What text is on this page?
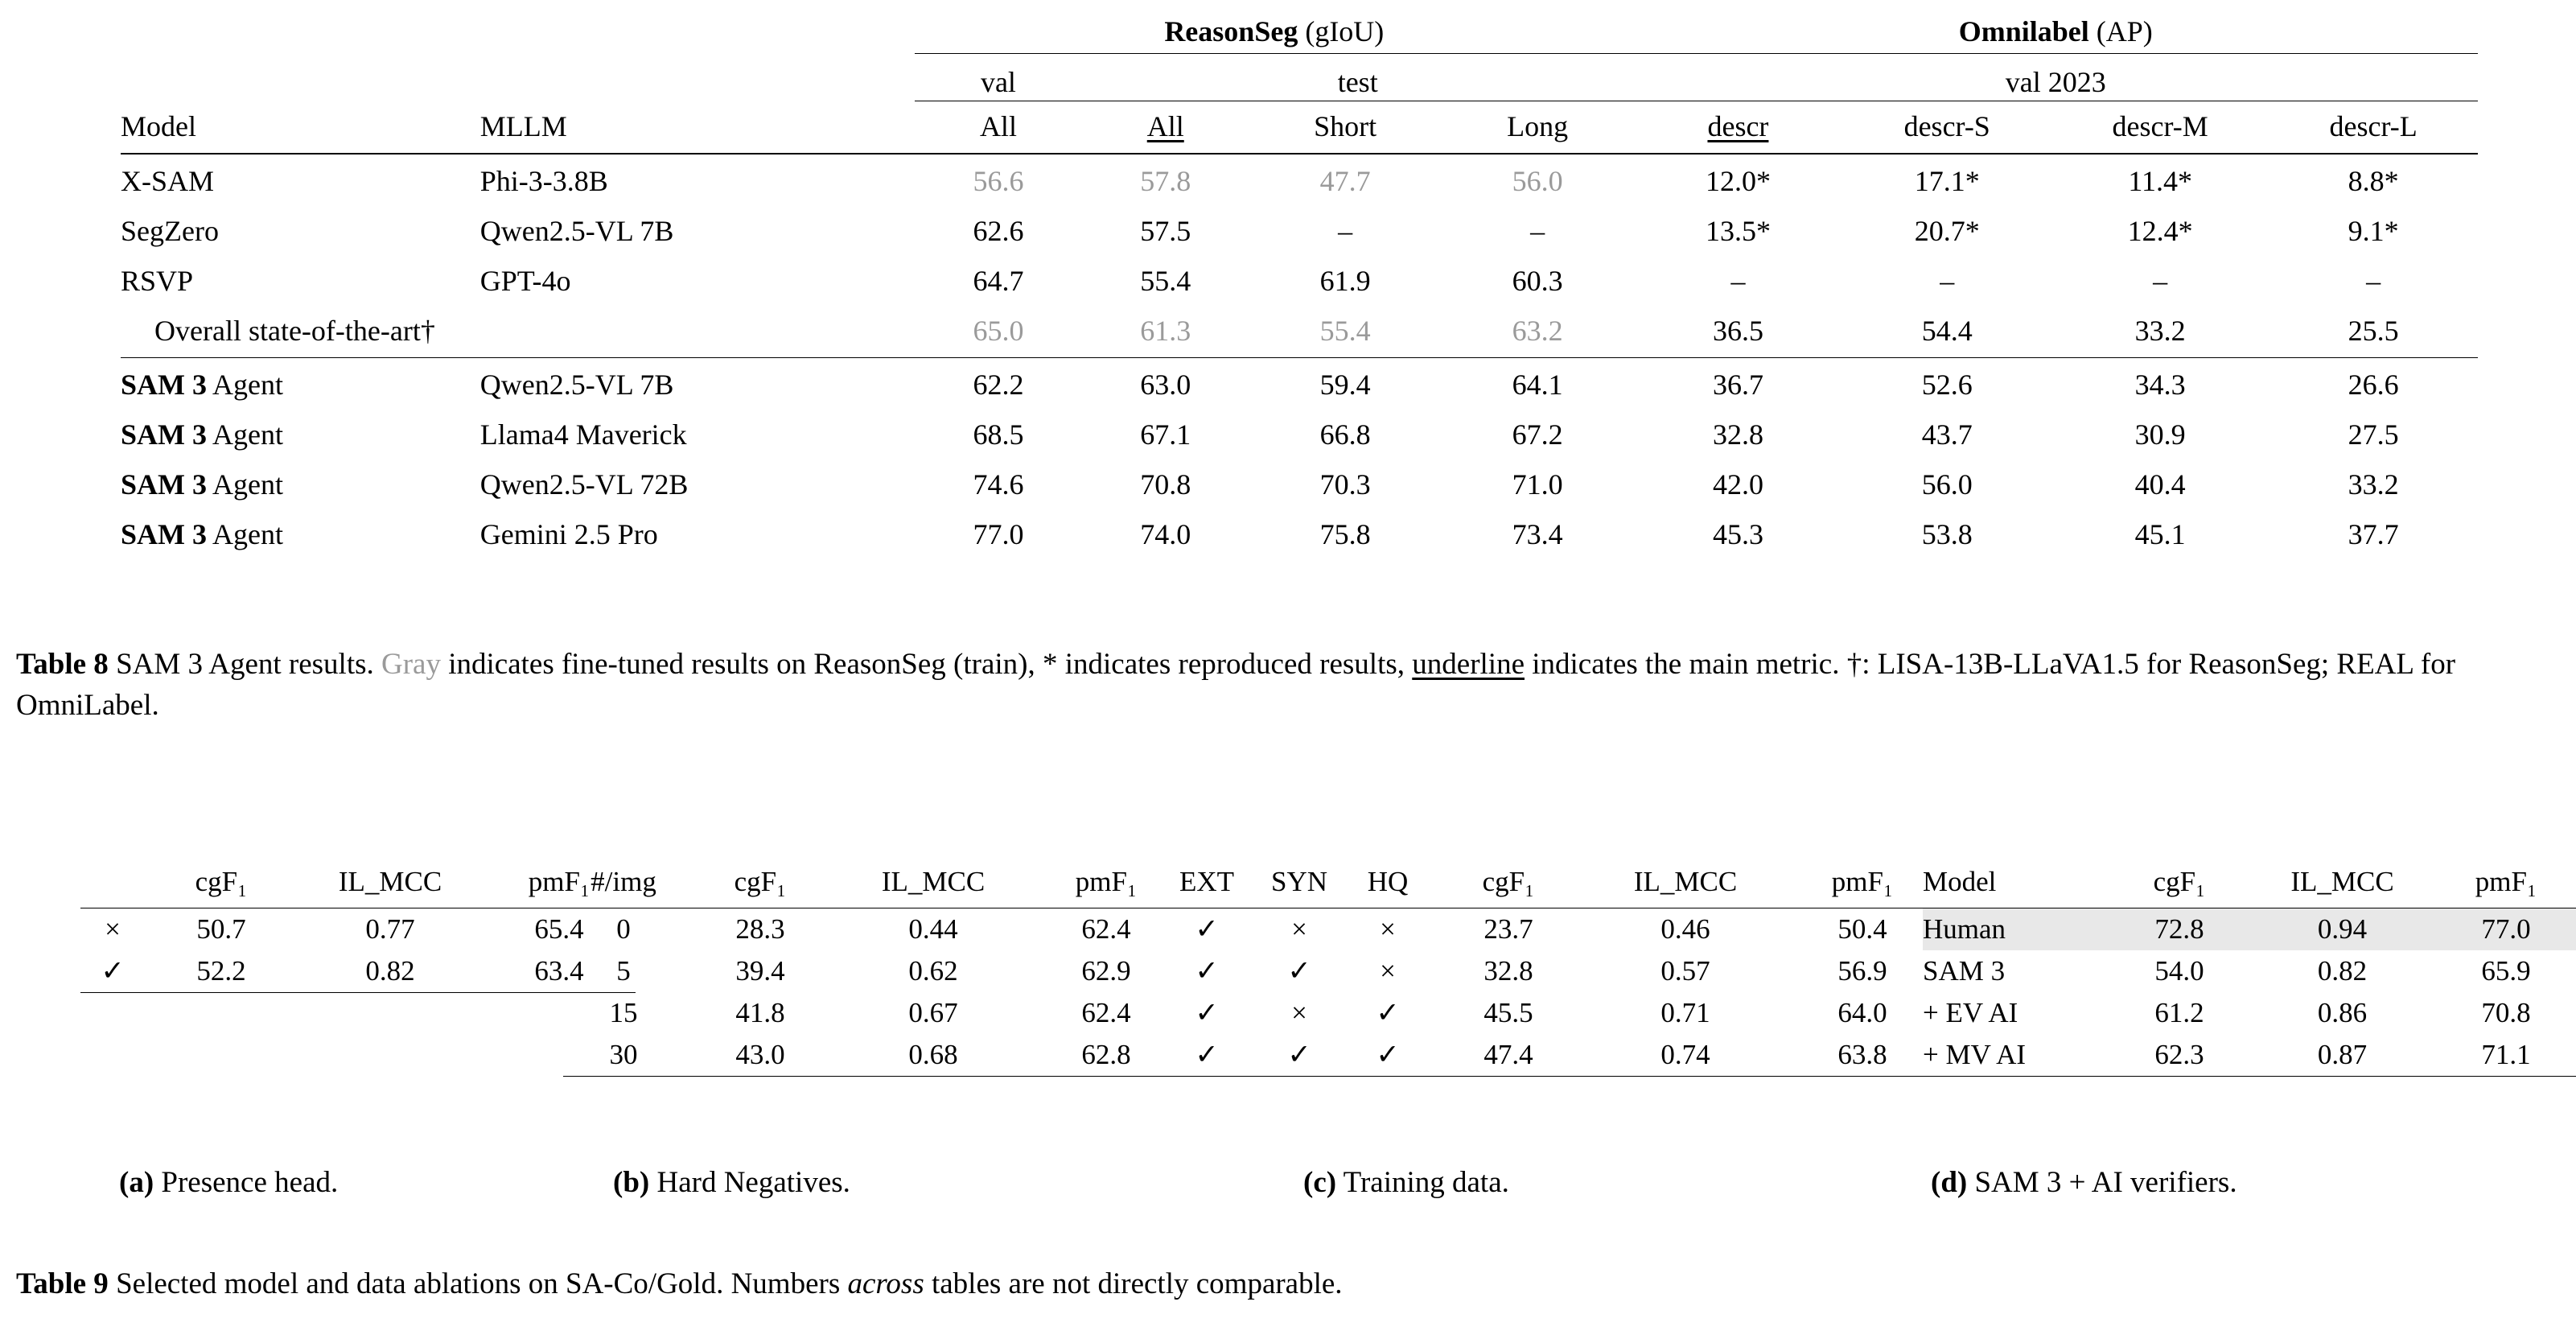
		ReasonSeg (gIoU)				Omnilabel (AP)			

		val	test			val 2023			

Model	MLLM	All	All	Short	Long	descr	descr-S	descr-M	descr-L

X-SAM	Phi-3-3.8B	56.6	57.8	47.7	56.0	12.0*	17.1*	11.4*	8.8*
SegZero	Qwen2.5-VL 7B	62.6	57.5	–	–	13.5*	20.7*	12.4*	9.1*
RSVP	GPT-4o	64.7	55.4	61.9	60.3	–	–	–	–
Overall state-of-the-art†		65.0	61.3	55.4	63.2	36.5	54.4	33.2	25.5

SAM 3 Agent	Qwen2.5-VL 7B	62.2	63.0	59.4	64.1	36.7	52.6	34.3	26.6
SAM 3 Agent	Llama4 Maverick	68.5	67.1	66.8	67.2	32.8	43.7	30.9	27.5
SAM 3 Agent	Qwen2.5-VL 72B	74.6	70.8	70.3	71.0	42.0	56.0	40.4	33.2
SAM 3 Agent	Gemini 2.5 Pro	77.0	74.0	75.8	73.4	45.3	53.8	45.1	37.7
Table 8 SAM 3 Agent results. Gray indicates fine-tuned results on ReasonSeg (train), * indicates reproduced results, underline indicates the main metric. †: LISA-13B-LLaVA1.5 for ReasonSeg; REAL for OmniLabel.
	cgF₁	IL_MCC	pmF₁

×	50.7	0.77	65.4
✓	52.2	0.82	63.4

(a) Presence head.
#/img	cgF₁	IL_MCC	pmF₁

0	28.3	0.44	62.4
5	39.4	0.62	62.9
15	41.8	0.67	62.4
30	43.0	0.68	62.8

(b) Hard Negatives.
EXT	SYN	HQ	cgF₁	IL_MCC	pmF₁

✓	×	×	23.7	0.46	50.4
✓	✓	×	32.8	0.57	56.9
✓	×	✓	45.5	0.71	64.0
✓	✓	✓	47.4	0.74	63.8

(c) Training data.
Model	cgF₁	IL_MCC	pmF₁

Human	72.8	0.94	77.0
SAM 3	54.0	0.82	65.9
+ EV AI	61.2	0.86	70.8
+ MV AI	62.3	0.87	71.1

(d) SAM 3 + AI verifiers.
Table 9 Selected model and data ablations on SA-Co/Gold. Numbers across tables are not directly comparable.
